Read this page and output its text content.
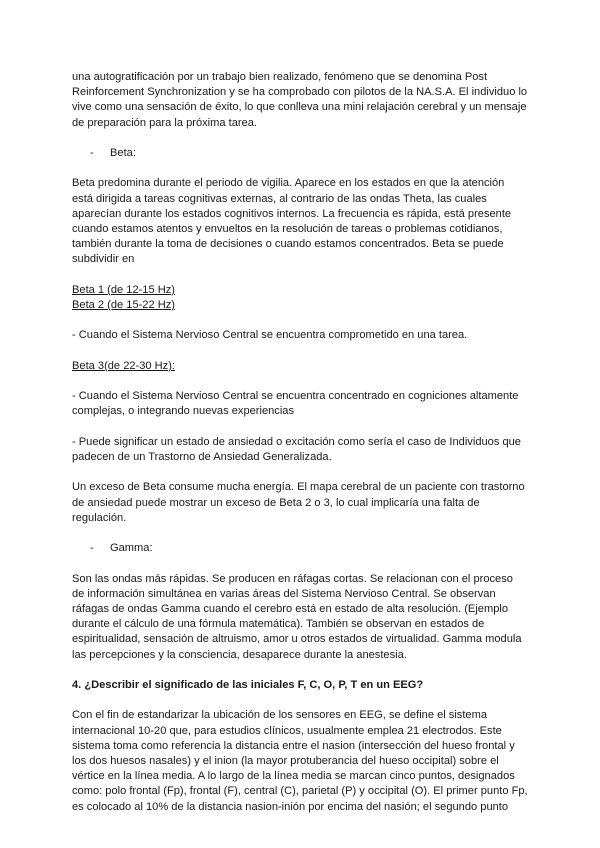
una autogratificación por un trabajo bien realizado, fenómeno que se denomina Post Reinforcement Synchronization y se ha comprobado con pilotos de la NA.S.A. El individuo lo vive como una sensación de éxito, lo que conlleva una mini relajación cerebral y un mensaje de preparación para la próxima tarea.

-	Beta:

Beta predomina durante el periodo de vigilia. Aparece en los estados en que la atención está dirigida a tareas cognitivas externas, al contrario de las ondas Theta, las cuales aparecían durante los estados cognitivos internos. La frecuencia es rápida, está presente cuando estamos atentos y envueltos en la resolución de tareas o problemas cotidianos, también durante la toma de decisiones o cuando estamos concentrados. Beta se puede subdividir en

Beta 1 (de 12-15 Hz)
Beta 2 (de 15-22 Hz)

- Cuando el Sistema Nervioso Central se encuentra comprometido en una tarea.

Beta 3(de 22-30 Hz):

- Cuando el Sistema Nervioso Central se encuentra concentrado en cogniciones altamente complejas, o integrando nuevas experiencias

- Puede significar un estado de ansiedad o excitación como sería el caso de Individuos que padecen de un Trastorno de Ansiedad Generalizada.

Un exceso de Beta consume mucha energía. El mapa cerebral de un paciente con trastorno de ansiedad puede mostrar un exceso de Beta 2 o 3, lo cual implicaría una falta de regulación.

-	Gamma:

Son las ondas más rápidas. Se producen en ráfagas cortas. Se relacionan con el proceso de información simultánea en varias áreas del Sistema Nervioso Central. Se observan ráfagas de ondas Gamma cuando el cerebro está en estado de alta resolución. (Ejemplo durante el cálculo de una fórmula matemática). También se observan en estados de espiritualidad, sensación de altruismo, amor u otros estados de virtualidad. Gamma modula las percepciones y la consciencia, desaparece durante la anestesia.

4. ¿Describir el significado de las iniciales F, C, O, P, T en un EEG?

Con el fin de estandarizar la ubicación de los sensores en EEG, se define el sistema internacional 10-20 que, para estudios clínicos, usualmente emplea 21 electrodos. Este sistema toma como referencia la distancia entre el nasion (intersección del hueso frontal y los dos huesos nasales) y el inion (la mayor protuberancia del hueso occipital) sobre el vértice en la línea media. A lo largo de la línea media se marcan cinco puntos, designados como: polo frontal (Fp), frontal (F), central (C), parietal (P) y occipital (O). El primer punto Fp, es colocado al 10% de la distancia nasion-inión por encima del nasión; el segundo punto
